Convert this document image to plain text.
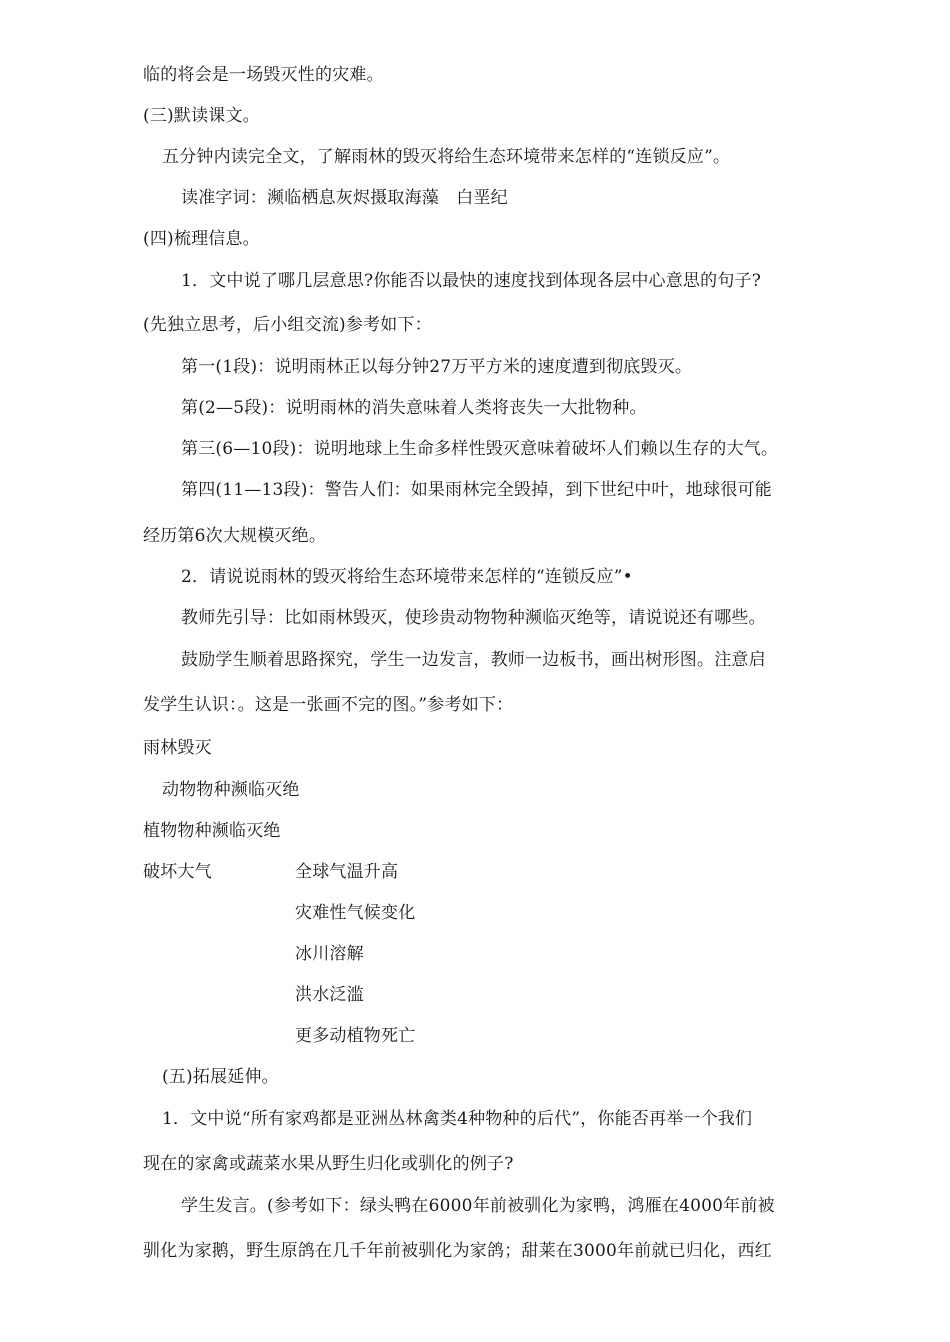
临的将会是一场毁灭性的灾难。
(三)默读课文。
五分钟内读完全文，了解雨林的毁灭将给生态环境带来怎样的“连锁反应”。
读准字词：濒临栖息灰烬摄取海藻　白垩纪
(四)梳理信息。
1．文中说了哪几层意思?你能否以最快的速度找到体现各层中心意思的句子?
(先独立思考，后小组交流)参考如下：
第一(1段)：说明雨林正以每分钟27万平方米的速度遭到彻底毁灭。
第(2—5段)：说明雨林的消失意味着人类将丧失一大批物种。
第三(6—10段)：说明地球上生命多样性毁灭意味着破坏人们赖以生存的大气。
第四(11—13段)：警告人们：如果雨林完全毁掉，到下世纪中叶，地球很可能
经历第6次大规模灭绝。
2．请说说雨林的毁灭将给生态环境带来怎样的“连锁反应”•
教师先引导：比如雨林毁灭，使珍贵动物物种濒临灭绝等，请说说还有哪些。
鼓励学生顺着思路探究，学生一边发言，教师一边板书，画出树形图。注意启
发学生认识：。这是一张画不完的图。”参考如下：
雨林毁灭
动物物种濒临灭绝
植物物种濒临灭绝
破坏大气	全球气温升高
灾难性气候变化
冰川溶解
洪水泛滥
更多动植物死亡
(五)拓展延伸。
1．文中说“所有家鸡都是亚洲丛林禽类4种物种的后代”，你能否再举一个我们
现在的家禽或蔬菜水果从野生归化或驯化的例子?
学生发言。(参考如下：绿头鸭在6000年前被驯化为家鸭，鸿雁在4000年前被
驯化为家鹅，野生原鸽在几千年前被驯化为家鸽；甜莱在3000年前就已归化，西红
